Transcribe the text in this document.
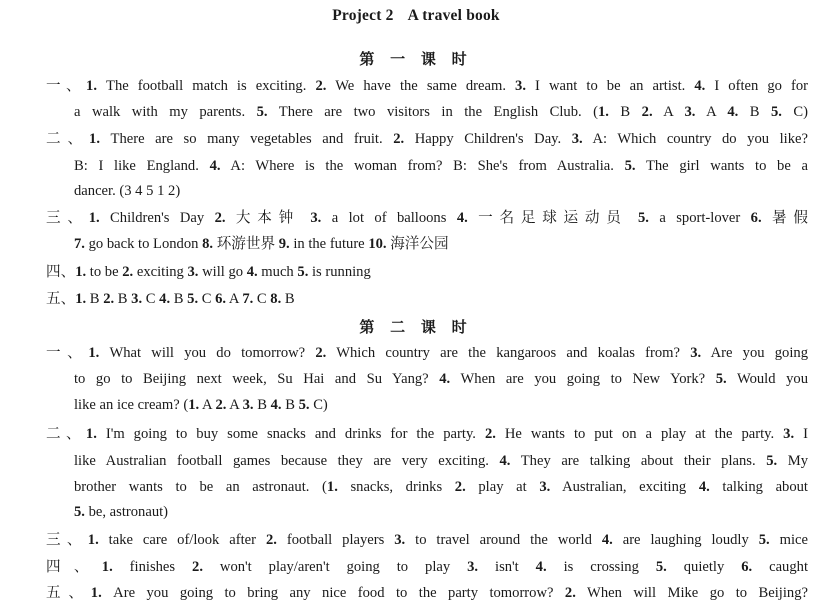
Project 2 A travel book
第 一 课 时
一、1. The football match is exciting. 2. We have the same dream. 3. I want to be an artist. 4. I often go for
a walk with my parents. 5. There are two visitors in the English Club. (1. B 2. A 3. A 4. B 5. C)
二、1. There are so many vegetables and fruit. 2. Happy Children's Day. 3. A: Which country do you like?
B: I like England. 4. A: Where is the woman from? B: She's from Australia. 5. The girl wants to be a
dancer. (3 4 5 1 2)
三、1. Children's Day 2. 大本钟 3. a lot of balloons 4. 一名足球运动员 5. a sport-lover 6. 暑假
7. go back to London 8. 环游世界 9. in the future 10. 海洋公园
四、1. to be 2. exciting 3. will go 4. much 5. is running
五、1. B 2. B 3. C 4. B 5. C 6. A 7. C 8. B
第 二 课 时
一、1. What will you do tomorrow? 2. Which country are the kangaroos and koalas from? 3. Are you going
to go to Beijing next week, Su Hai and Su Yang? 4. When are you going to New York? 5. Would you
like an ice cream? (1. A 2. A 3. B 4. B 5. C)
二、1. I'm going to buy some snacks and drinks for the party. 2. He wants to put on a play at the party. 3. I
like Australian football games because they are very exciting. 4. They are talking about their plans. 5. My
brother wants to be an astronaut. (1. snacks, drinks 2. play at 3. Australian, exciting 4. talking about
5. be, astronaut)
三、1. take care of/look after 2. football players 3. to travel around the world 4. are laughing loudly 5. mice
四、1. finishes 2. won't play/aren't going to play 3. isn't 4. is crossing 5. quietly 6. caught
五、1. Are you going to bring any nice food to the party tomorrow? 2. When will Mike go to Beijing?
